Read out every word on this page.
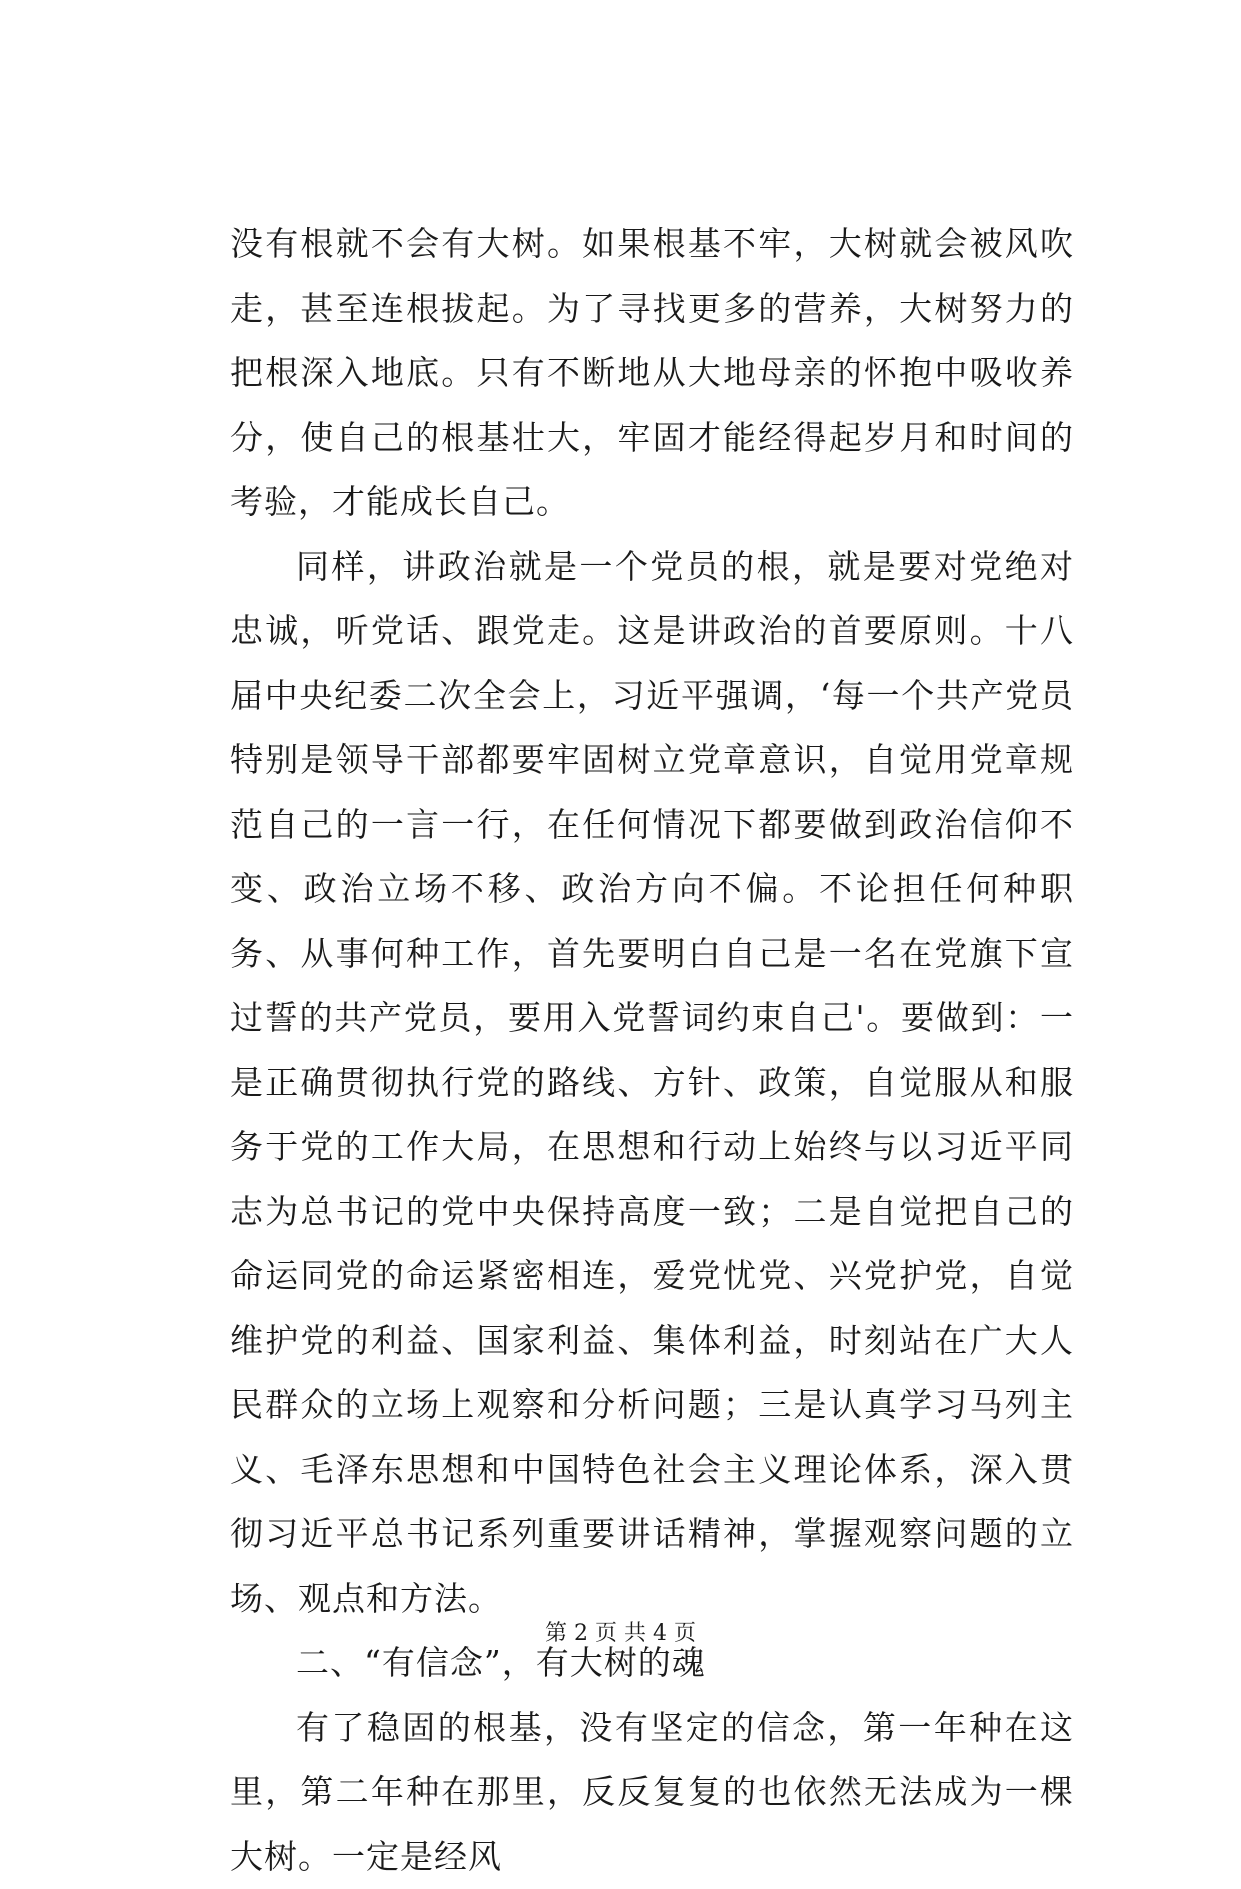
没有根就不会有大树。如果根基不牢，大树就会被风吹走，甚至连根拔起。为了寻找更多的营养，大树努力的把根深入地底。只有不断地从大地母亲的怀抱中吸收养分，使自己的根基壮大，牢固才能经得起岁月和时间的考验，才能成长自己。

同样，讲政治就是一个党员的根，就是要对党绝对忠诚，听党话、跟党走。这是讲政治的首要原则。十八届中央纪委二次全会上，习近平强调，‘每一个共产党员特别是领导干部都要牢固树立党章意识，自觉用党章规范自己的一言一行，在任何情况下都要做到政治信仰不变、政治立场不移、政治方向不偏。不论担任何种职务、从事何种工作，首先要明白自己是一名在党旗下宣过誓的共产党员，要用入党誓词约束自己'。要做到：一是正确贯彻执行党的路线、方针、政策，自觉服从和服务于党的工作大局，在思想和行动上始终与以习近平同志为总书记的党中央保持高度一致；二是自觉把自己的命运同党的命运紧密相连，爱党忧党、兴党护党，自觉维护党的利益、国家利益、集体利益，时刻站在广大人民群众的立场上观察和分析问题；三是认真学习马列主义、毛泽东思想和中国特色社会主义理论体系，深入贯彻习近平总书记系列重要讲话精神，掌握观察问题的立场、观点和方法。

二、“有信念”，有大树的魂

有了稳固的根基，没有坚定的信念，第一年种在这里，第二年种在那里，反反复复的也依然无法成为一棵大树。一定是经风

第 2 页 共 4 页
